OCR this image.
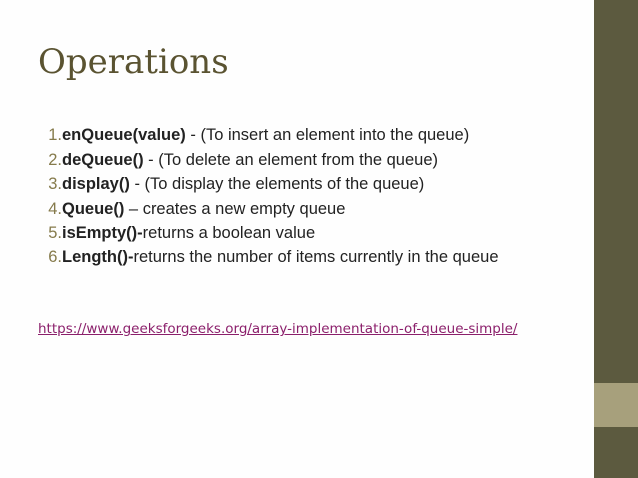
Operations
1. enQueue(value) - (To insert an element into the queue)
2. deQueue() - (To delete an element from the queue)
3. display() - (To display the elements of the queue)
4. Queue() – creates a new empty queue
5. isEmpty()-returns a boolean value
6. Length()-returns the number of items currently in the queue
https://www.geeksforgeeks.org/array-implementation-of-queue-simple/
